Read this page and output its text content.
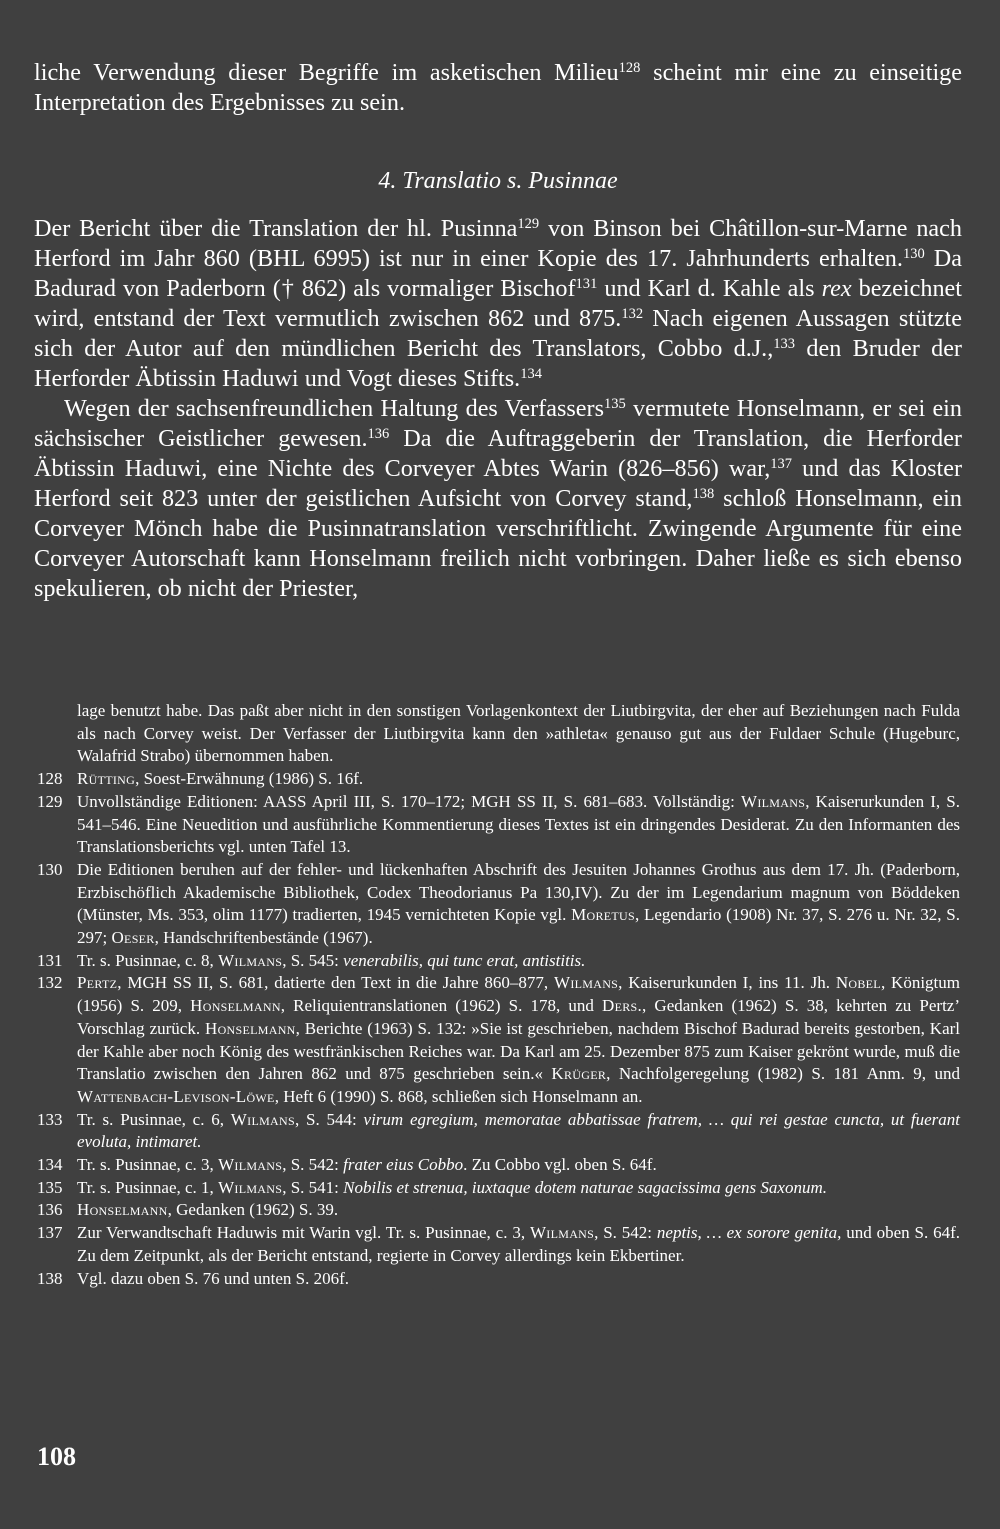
liche Verwendung dieser Begriffe im asketischen Milieu$^{128}$ scheint mir eine zu einseitige Interpretation des Ergebnisses zu sein.

4. Translatio s. Pusinnae

Der Bericht über die Translation der hl. Pusinna$^{129}$ von Binson bei Châtillon-sur-Marne nach Herford im Jahr 860 (BHL 6995) ist nur in einer Kopie des 17. Jahrhunderts erhalten.$^{130}$ Da Badurad von Paderborn († 862) als vormaliger Bischof$^{131}$ und Karl d. Kahle als rex bezeichnet wird, entstand der Text vermutlich zwischen 862 und 875.$^{132}$ Nach eigenen Aussagen stützte sich der Autor auf den mündlichen Bericht des Translators, Cobbo d.J.,$^{133}$ den Bruder der Herforder Äbtissin Haduwi und Vogt dieses Stifts.$^{134}$

Wegen der sachsenfreundlichen Haltung des Verfassers$^{135}$ vermutete Honselmann, er sei ein sächsischer Geistlicher gewesen.$^{136}$ Da die Auftraggeberin der Translation, die Herforder Äbtissin Haduwi, eine Nichte des Corveyer Abtes Warin (826–856) war,$^{137}$ und das Kloster Herford seit 823 unter der geistlichen Aufsicht von Corvey stand,$^{138}$ schloß Honselmann, ein Corveyer Mönch habe die Pusinnatranslation verschriftlicht. Zwingende Argumente für eine Corveyer Autorschaft kann Honselmann freilich nicht vorbringen. Daher ließe es sich ebenso spekulieren, ob nicht der Priester,

lage benutzt habe. Das paßt aber nicht in den sonstigen Vorlagenkontext der Liutbirgvita, der eher auf Beziehungen nach Fulda als nach Corvey weist. Der Verfasser der Liutbirgvita kann den »athleta« genauso gut aus der Fuldaer Schule (Hugeburc, Walafrid Strabo) übernommen haben.
128 Rütting, Soest-Erwähnung (1986) S. 16f.
129 Unvollständige Editionen: AASS April III, S. 170–172; MGH SS II, S. 681–683. Vollständig: Wilmans, Kaiserurkunden I, S. 541–546. Eine Neuedition und ausführliche Kommentierung dieses Textes ist ein dringendes Desiderat. Zu den Informanten des Translationsberichts vgl. unten Tafel 13.
130 Die Editionen beruhen auf der fehler- und lückenhaften Abschrift des Jesuiten Johannes Grothus aus dem 17. Jh. (Paderborn, Erzbischöflich Akademische Bibliothek, Codex Theodorianus Pa 130,IV). Zu der im Legendarium magnum von Böddeken (Münster, Ms. 353, olim 1177) tradierten, 1945 vernichteten Kopie vgl. Moretus, Legendario (1908) Nr. 37, S. 276 u. Nr. 32, S. 297; Oeser, Handschriftenbestände (1967).
131 Tr. s. Pusinnae, c. 8, Wilmans, S. 545: venerabilis, qui tunc erat, antistitis.
132 Pertz, MGH SS II, S. 681, datierte den Text in die Jahre 860–877, Wilmans, Kaiserurkunden I, ins 11. Jh. Nobel, Königtum (1956) S. 209, Honselmann, Reliquientranslationen (1962) S. 178, und Ders., Gedanken (1962) S. 38, kehrten zu Pertz’ Vorschlag zurück. Honselmann, Berichte (1963) S. 132: »Sie ist geschrieben, nachdem Bischof Badurad bereits gestorben, Karl der Kahle aber noch König des westfränkischen Reiches war. Da Karl am 25. Dezember 875 zum Kaiser gekrönt wurde, muß die Translatio zwischen den Jahren 862 und 875 geschrieben sein.« Krüger, Nachfolgeregelung (1982) S. 181 Anm. 9, und Wattenbach-Levison-Löwe, Heft 6 (1990) S. 868, schließen sich Honselmann an.
133 Tr. s. Pusinnae, c. 6, Wilmans, S. 544: virum egregium, memoratae abbatissae fratrem, … qui rei gestae cuncta, ut fuerant evoluta, intimaret.
134 Tr. s. Pusinnae, c. 3, Wilmans, S. 542: frater eius Cobbo. Zu Cobbo vgl. oben S. 64f.
135 Tr. s. Pusinnae, c. 1, Wilmans, S. 541: Nobilis et strenua, iuxtaque dotem naturae sagacissima gens Saxonum.
136 Honselmann, Gedanken (1962) S. 39.
137 Zur Verwandtschaft Haduwis mit Warin vgl. Tr. s. Pusinnae, c. 3, Wilmans, S. 542: neptis, … ex sorore genita, und oben S. 64f. Zu dem Zeitpunkt, als der Bericht entstand, regierte in Corvey allerdings kein Ekbertiner.
138 Vgl. dazu oben S. 76 und unten S. 206f.
108
